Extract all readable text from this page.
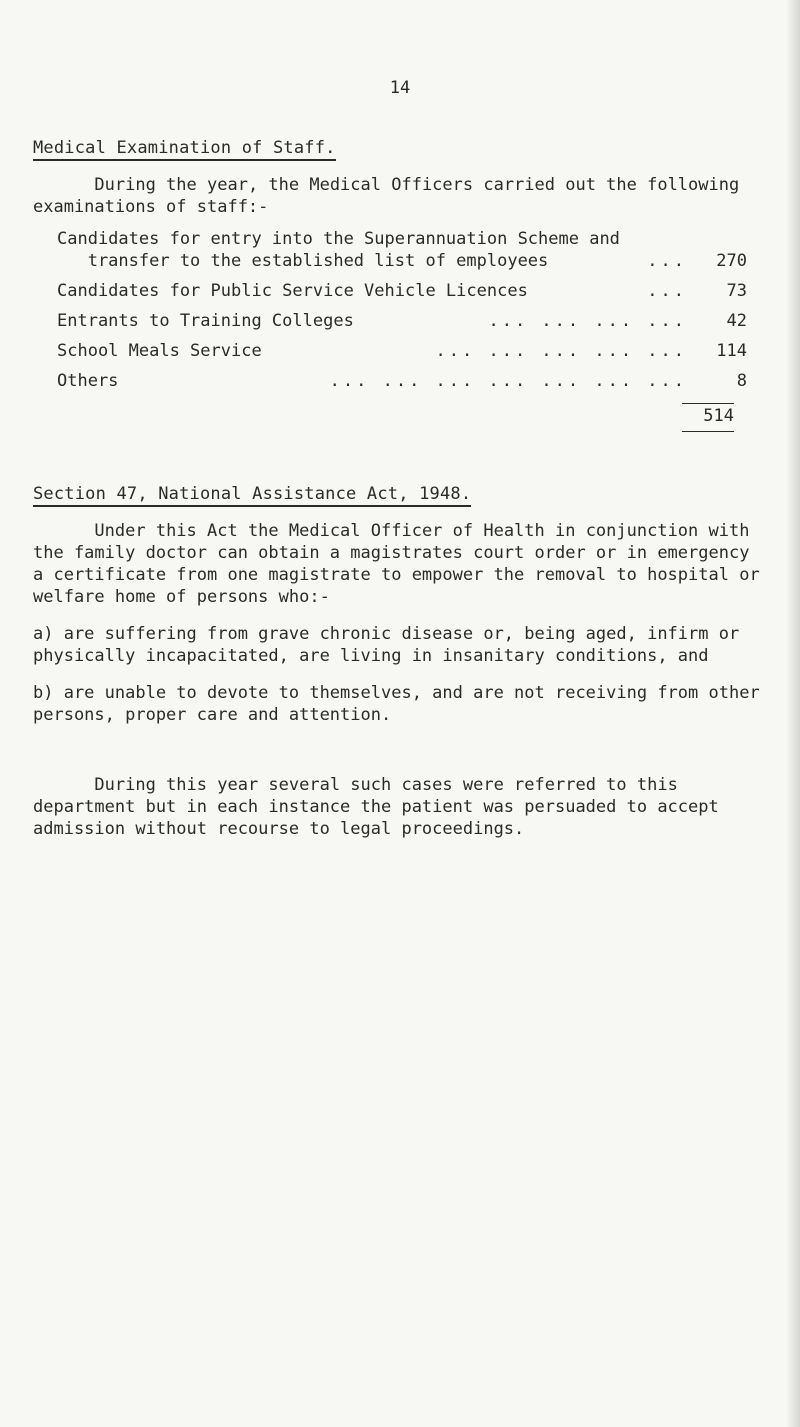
14
Medical Examination of Staff.
During the year, the Medical Officers carried out the following
examinations of staff:-
Candidates for entry into the Superannuation Scheme and
transfer to the established list of employees	...	270
Candidates for Public Service Vehicle Licences	...	73
Entrants to Training Colleges	... ... ... ...	42
School Meals Service	... ... ... ... ...	114
Others	... ... ... ... ... ... ...	8
514
Section 47, National Assistance Act, 1948.
Under this Act the Medical Officer of Health in conjunction with
the family doctor can obtain a magistrates court order or in emergency
a certificate from one magistrate to empower the removal to hospital or
welfare home of persons who:-
a) are suffering from grave chronic disease or, being aged, infirm or
physically incapacitated, are living in insanitary conditions, and
b) are unable to devote to themselves, and are not receiving from other
persons, proper care and attention.
During this year several such cases were referred to this
department but in each instance the patient was persuaded to accept
admission without recourse to legal proceedings.
